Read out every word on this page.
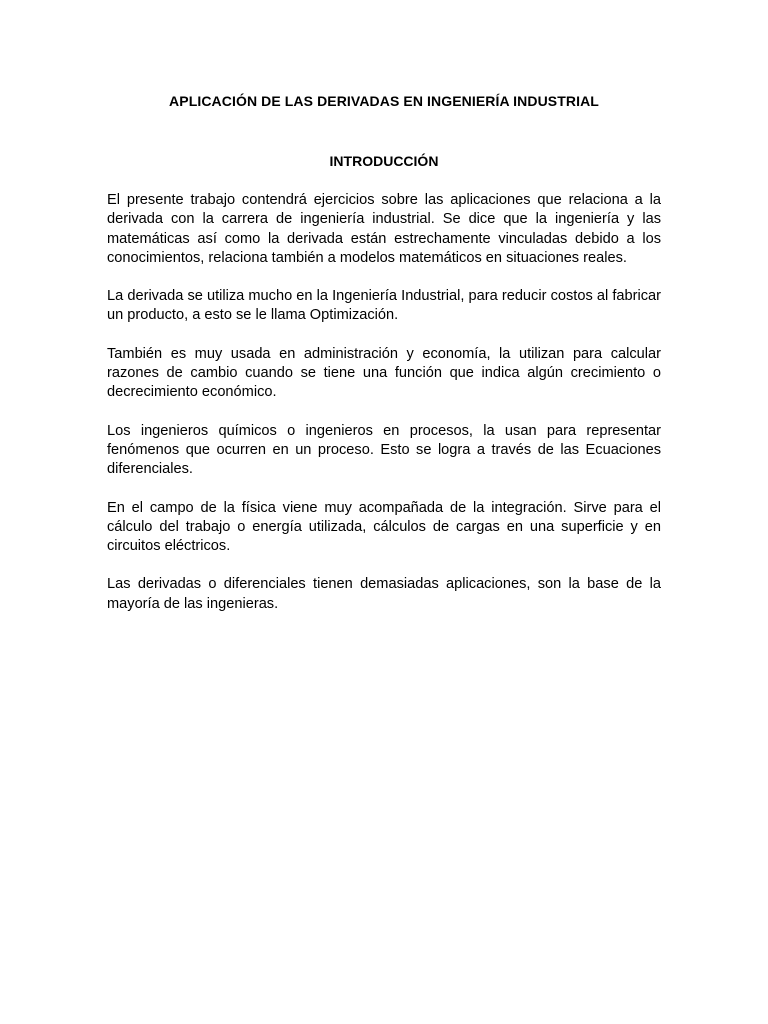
APLICACIÓN DE LAS DERIVADAS EN INGENIERÍA INDUSTRIAL
INTRODUCCIÓN

El presente trabajo contendrá ejercicios sobre las aplicaciones que relaciona a la derivada con la carrera de ingeniería industrial. Se dice que la ingeniería y las matemáticas así como la derivada están estrechamente vinculadas debido a los conocimientos, relaciona también a modelos matemáticos en situaciones reales.

La derivada se utiliza mucho en la Ingeniería Industrial, para reducir costos al fabricar un producto, a esto se le llama Optimización.

También es muy usada en administración y economía, la utilizan para calcular razones de cambio cuando se tiene una función que indica algún crecimiento o decrecimiento económico.

Los ingenieros químicos o ingenieros en procesos, la usan para representar fenómenos que ocurren en un proceso. Esto se logra a través de las Ecuaciones diferenciales.

En el campo de la física viene muy acompañada de la integración. Sirve para el cálculo del trabajo o energía utilizada, cálculos de cargas en una superficie y en circuitos eléctricos.

Las derivadas o diferenciales tienen demasiadas aplicaciones, son la base de la mayoría de las ingenieras.
